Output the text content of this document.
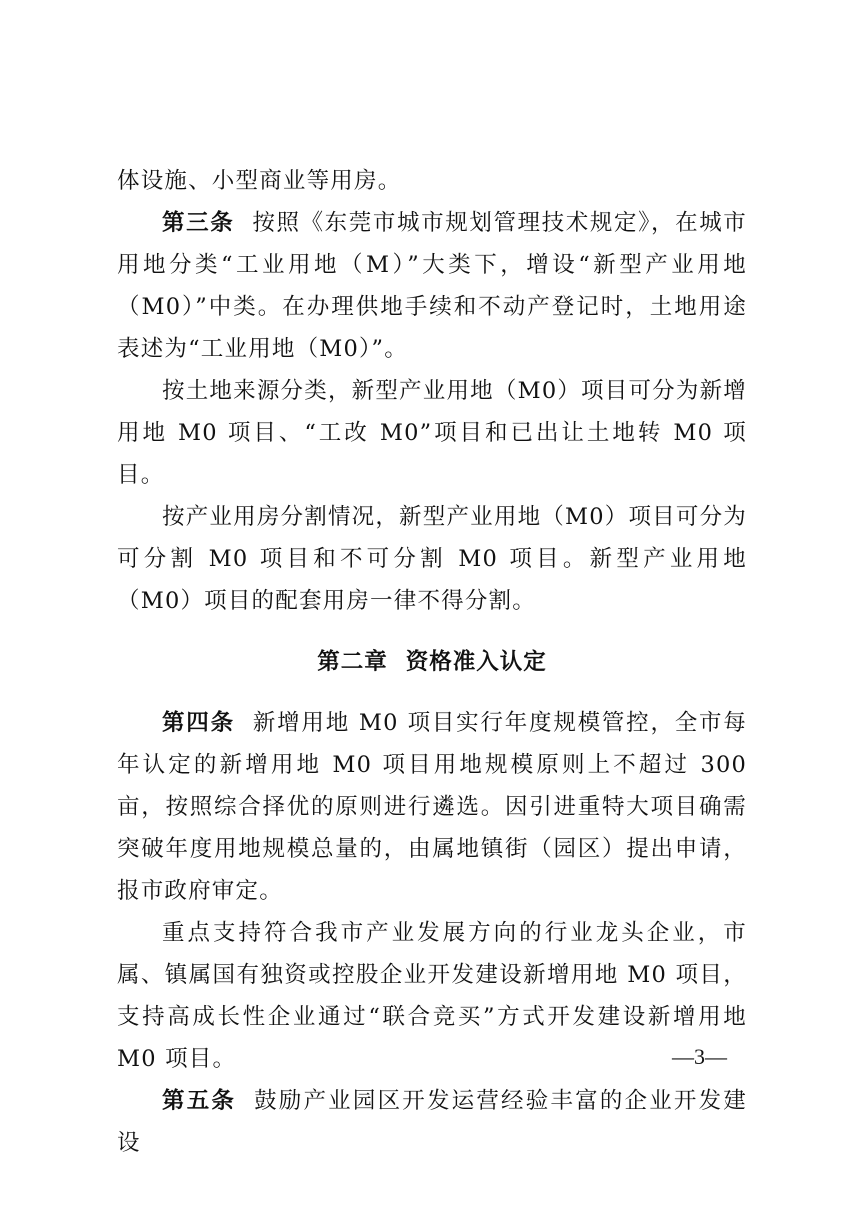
体设施、小型商业等用房。

第三条 按照《东莞市城市规划管理技术规定》，在城市用地分类“工业用地（M）”大类下，增设“新型产业用地（M0）”中类。在办理供地手续和不动产登记时，土地用途表述为“工业用地（M0）”。

按土地来源分类，新型产业用地（M0）项目可分为新增用地 M0 项目、“工改 M0”项目和已出让土地转 M0 项目。

按产业用房分割情况，新型产业用地（M0）项目可分为可分割 M0 项目和不可分割 M0 项目。新型产业用地（M0）项目的配套用房一律不得分割。

第二章 资格准入认定

第四条 新增用地 M0 项目实行年度规模管控，全市每年认定的新增用地 M0 项目用地规模原则上不超过 300 亩，按照综合择优的原则进行遴选。因引进重特大项目确需突破年度用地规模总量的，由属地镇街（园区）提出申请，报市政府审定。

重点支持符合我市产业发展方向的行业龙头企业，市属、镇属国有独资或控股企业开发建设新增用地 M0 项目，支持高成长性企业通过“联合竞买”方式开发建设新增用地 M0 项目。

第五条 鼓励产业园区开发运营经验丰富的企业开发建设

—3—
